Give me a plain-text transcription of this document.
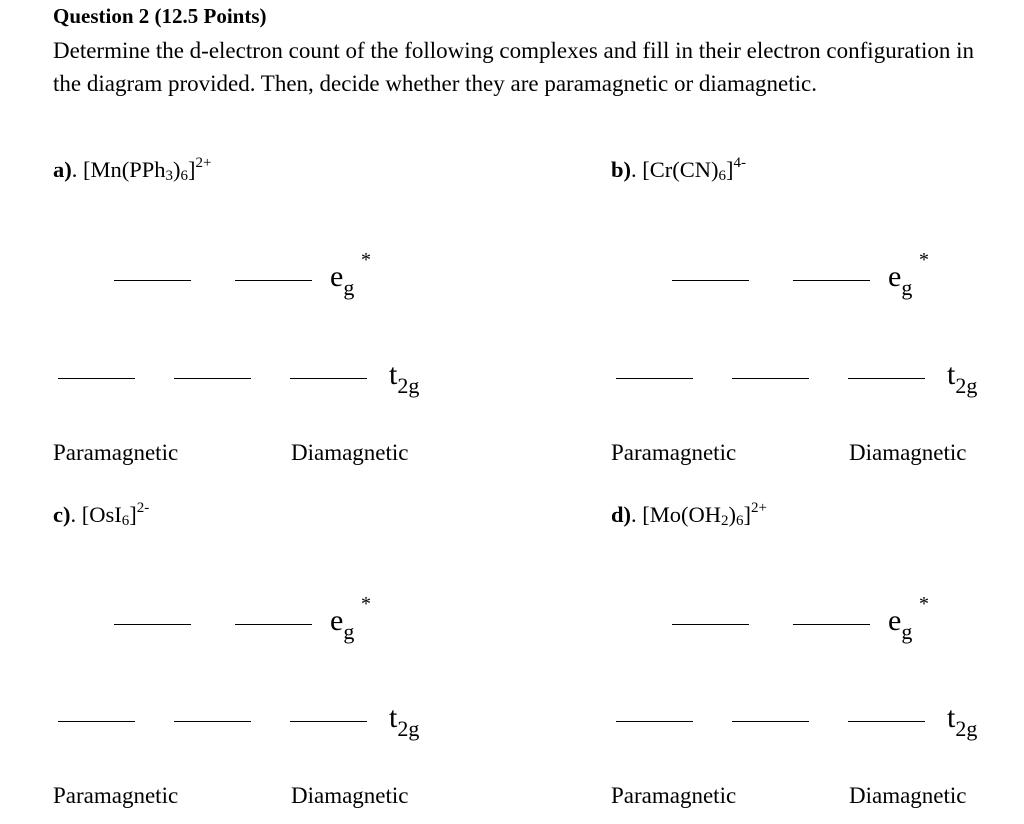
Question 2 (12.5 Points)
Determine the d-electron count of the following complexes and fill in their electron configuration in the diagram provided. Then, decide whether they are paramagnetic or diamagnetic.
a). $[Mn(PPh_3)_6]^{2+}$
$e_g$
*
$t_{2g}$
Paramagnetic	Diamagnetic
b). $[Cr(CN)_6]^{4-}$
$e_g$
*
$t_{2g}$
Paramagnetic	Diamagnetic
c). $[OsI_6]^{2-}$
$e_g$
*
$t_{2g}$
Paramagnetic	Diamagnetic
d). $[Mo(OH_2)_6]^{2+}$
$e_g$
*
$t_{2g}$
Paramagnetic	Diamagnetic
